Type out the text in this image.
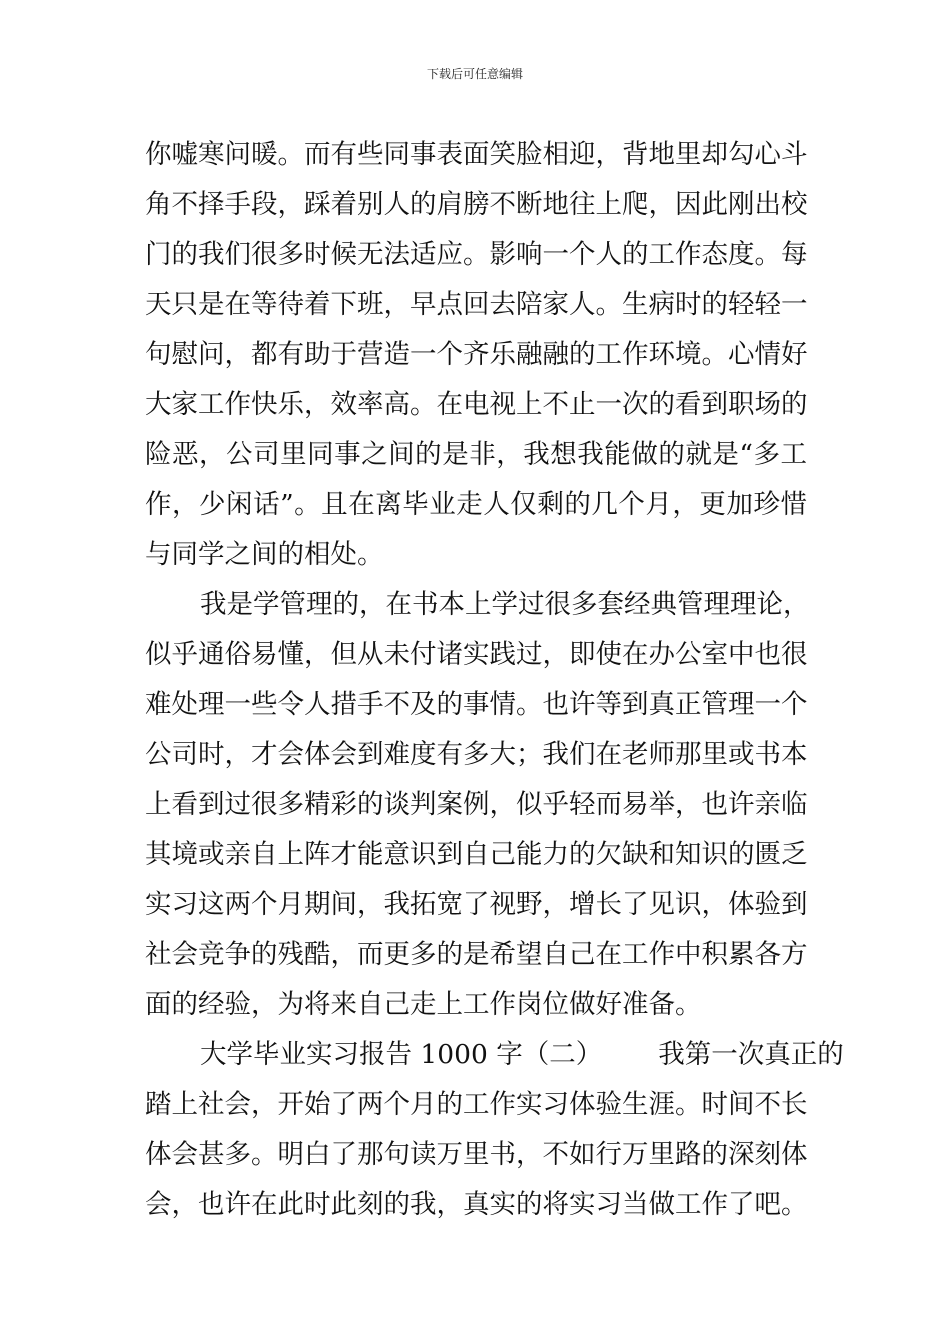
下载后可任意编辑
你嘘寒问暖。而有些同事表面笑脸相迎，背地里却勾心斗
角不择手段，踩着别人的肩膀不断地往上爬，因此刚出校
门的我们很多时候无法适应。影响一个人的工作态度。每
天只是在等待着下班，早点回去陪家人。生病时的轻轻一
句慰问，都有助于营造一个齐乐融融的工作环境。心情好
大家工作快乐，效率高。在电视上不止一次的看到职场的
险恶，公司里同事之间的是非，我想我能做的就是“多工
作，少闲话”。且在离毕业走人仅剩的几个月，更加珍惜
与同学之间的相处。
我是学管理的，在书本上学过很多套经典管理理论，
似乎通俗易懂，但从未付诸实践过，即使在办公室中也很
难处理一些令人措手不及的事情。也许等到真正管理一个
公司时，才会体会到难度有多大；我们在老师那里或书本
上看到过很多精彩的谈判案例，似乎轻而易举，也许亲临
其境或亲自上阵才能意识到自己能力的欠缺和知识的匮乏
实习这两个月期间，我拓宽了视野，增长了见识，体验到
社会竞争的残酷，而更多的是希望自己在工作中积累各方
面的经验，为将来自己走上工作岗位做好准备。
大学毕业实习报告 1000 字（二） 我第一次真正的
踏上社会，开始了两个月的工作实习体验生涯。时间不长
体会甚多。明白了那句读万里书，不如行万里路的深刻体
会，也许在此时此刻的我，真实的将实习当做工作了吧。
